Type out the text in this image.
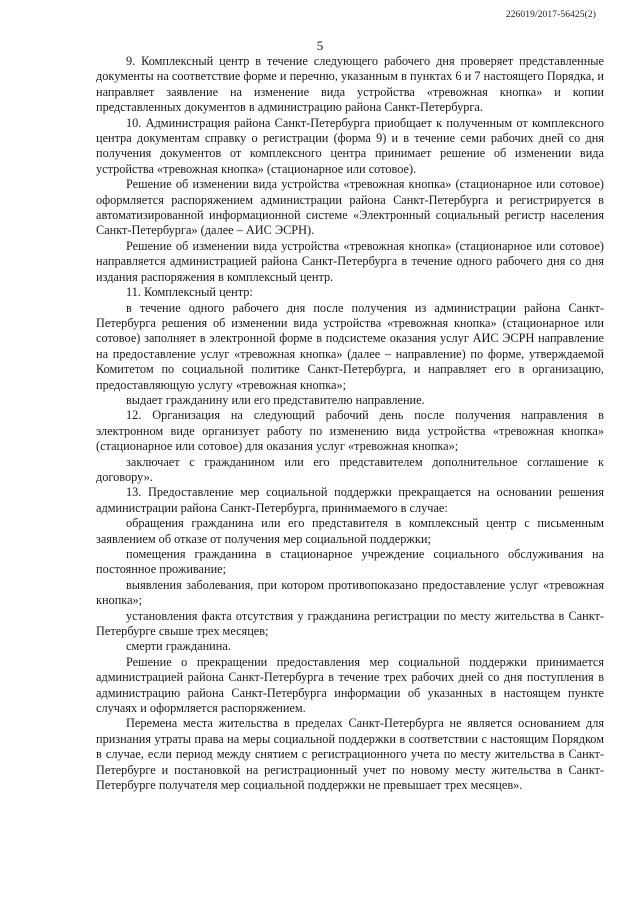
226019/2017-56425(2)
5

9. Комплексный центр в течение следующего рабочего дня проверяет представленные документы на соответствие форме и перечню, указанным в пунктах 6 и 7 настоящего Порядка, и направляет заявление на изменение вида устройства «тревожная кнопка» и копии представленных документов в администрацию района Санкт-Петербурга.

10. Администрация района Санкт-Петербурга приобщает к полученным от комплексного центра документам справку о регистрации (форма 9) и в течение семи рабочих дней со дня получения документов от комплексного центра принимает решение об изменении вида устройства «тревожная кнопка» (стационарное или сотовое).

Решение об изменении вида устройства «тревожная кнопка» (стационарное или сотовое) оформляется распоряжением администрации района Санкт-Петербурга и регистрируется в автоматизированной информационной системе «Электронный социальный регистр населения Санкт-Петербурга» (далее – АИС ЭСРН).

Решение об изменении вида устройства «тревожная кнопка» (стационарное или сотовое) направляется администрацией района Санкт-Петербурга в течение одного рабочего дня со дня издания распоряжения в комплексный центр.

11. Комплексный центр:

в течение одного рабочего дня после получения из администрации района Санкт-Петербурга решения об изменении вида устройства «тревожная кнопка» (стационарное или сотовое) заполняет в электронной форме в подсистеме оказания услуг АИС ЭСРН направление на предоставление услуг «тревожная кнопка» (далее – направление) по форме, утверждаемой Комитетом по социальной политике Санкт-Петербурга, и направляет его в организацию, предоставляющую услугу «тревожная кнопка»;

выдает гражданину или его представителю направление.

12. Организация на следующий рабочий день после получения направления в электронном виде организует работу по изменению вида устройства «тревожная кнопка» (стационарное или сотовое) для оказания услуг «тревожная кнопка»;

заключает с гражданином или его представителем дополнительное соглашение к договору».

13. Предоставление мер социальной поддержки прекращается на основании решения администрации района Санкт-Петербурга, принимаемого в случае:

обращения гражданина или его представителя в комплексный центр с письменным заявлением об отказе от получения мер социальной поддержки;

помещения гражданина в стационарное учреждение социального обслуживания на постоянное проживание;

выявления заболевания, при котором противопоказано предоставление услуг «тревожная кнопка»;

установления факта отсутствия у гражданина регистрации по месту жительства в Санкт-Петербурге свыше трех месяцев;

смерти гражданина.

Решение о прекращении предоставления мер социальной поддержки принимается администрацией района Санкт-Петербурга в течение трех рабочих дней со дня поступления в администрацию района Санкт-Петербурга информации об указанных в настоящем пункте случаях и оформляется распоряжением.

Перемена места жительства в пределах Санкт-Петербурга не является основанием для признания утраты права на меры социальной поддержки в соответствии с настоящим Порядком в случае, если период между снятием с регистрационного учета по месту жительства в Санкт-Петербурге и постановкой на регистрационный учет по новому месту жительства в Санкт-Петербурге получателя мер социальной поддержки не превышает трех месяцев».
